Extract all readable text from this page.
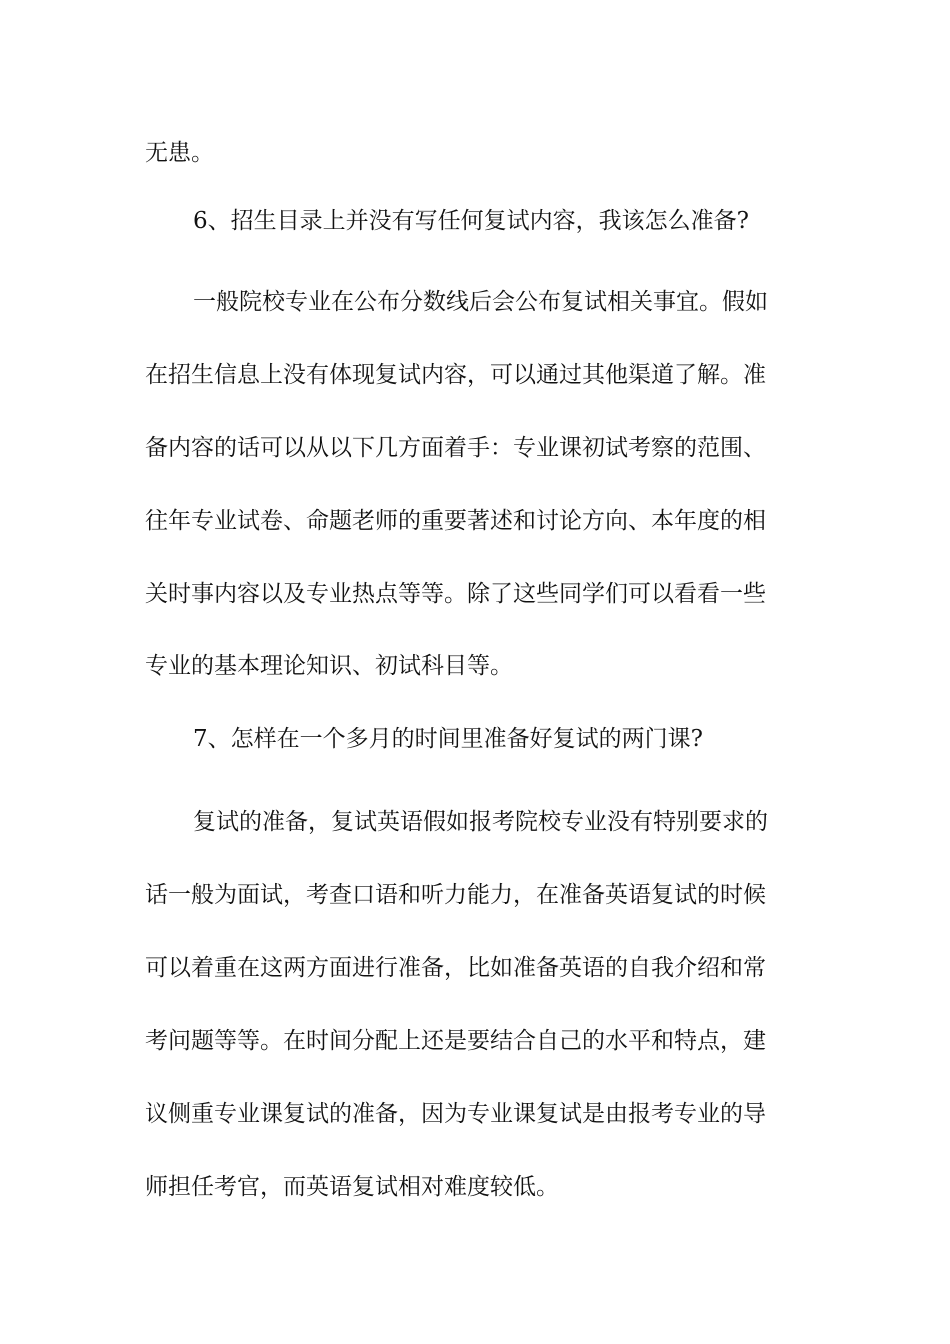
无患。
6、招生目录上并没有写任何复试内容，我该怎么准备?
一般院校专业在公布分数线后会公布复试相关事宜。假如
在招生信息上没有体现复试内容，可以通过其他渠道了解。准
备内容的话可以从以下几方面着手：专业课初试考察的范围、
往年专业试卷、命题老师的重要著述和讨论方向、本年度的相
关时事内容以及专业热点等等。除了这些同学们可以看看一些
专业的基本理论知识、初试科目等。
7、怎样在一个多月的时间里准备好复试的两门课?
复试的准备，复试英语假如报考院校专业没有特别要求的
话一般为面试，考查口语和听力能力，在准备英语复试的时候
可以着重在这两方面进行准备，比如准备英语的自我介绍和常
考问题等等。在时间分配上还是要结合自己的水平和特点，建
议侧重专业课复试的准备，因为专业课复试是由报考专业的导
师担任考官，而英语复试相对难度较低。
